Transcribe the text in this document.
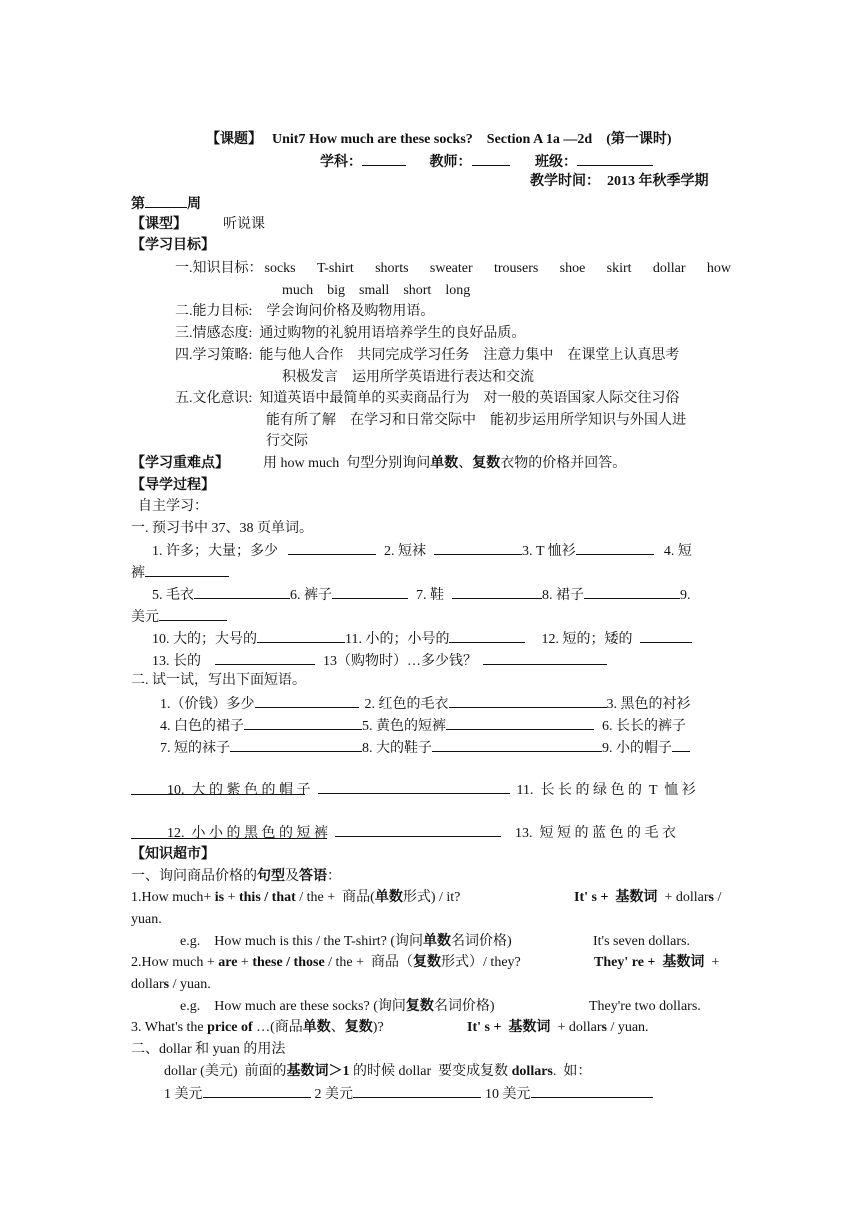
【课题】 Unit7 How much are these socks?    Section A 1a —2d    (第一课时)
学科：	教师：	班级：
教学时间：  2013 年秋季学期
第	周
【课型】	听说课
【学习目标】
一.知识目标： socks T-shirt shorts sweater trousers shoe skirt dollar how
much    big    small    short    long
二.能力目标:    学会询问价格及购物用语。
三.情感态度:  通过购物的礼貌用语培养学生的良好品质。
四.学习策略:  能与他人合作    共同完成学习任务    注意力集中    在课堂上认真思考
积极发言    运用所学英语进行表达和交流
五.文化意识:  知道英语中最简单的买卖商品行为    对一般的英语国家人际交往习俗
能有所了解    在学习和日常交际中    能初步运用所学知识与外国人进
行交际
【学习重难点】 用 how much  句型分别询问单数、复数衣物的价格并回答。
【导学过程】
自主学习：
一. 预习书中 37、38 页单词。
1. 许多；大量；多少	2. 短袜	3. T 恤衫	4. 短
裤
5. 毛衣	6. 裤子	7. 鞋	8. 裙子	9.
美元
10. 大的；大号的	11. 小的；小号的	12. 短的；矮的
13. 长的	13（购物时）…多少钱？
二. 试一试，写出下面短语。
1.（价钱）多少	2. 红色的毛衣	3. 黑色的衬衫
4. 白色的裙子	5. 黄色的短裤	6. 长长的裤子
7. 短的袜子	8. 大的鞋子	9. 小的帽子

10.  大 的 紫 色 的 帽 子	11.  长 长 的 绿 色 的  T  恤 衫

12.  小 小 的 黑 色 的 短 裤	13.  短 短 的 蓝 色 的 毛 衣

【知识超市】
一、询问商品价格的句型及答语：
1.How much+ is + this / that / the +  商品(单数形式) / it?	It' s +  基数词  + dollars /
yuan.
e.g.    How much is this / the T-shirt? (询问单数名词价格)	It's seven dollars.
2.How much + are + these / those / the +  商品（复数形式）/ they?	They' re +  基数词  +
dollars / yuan.
e.g.    How much are these socks? (询问复数名词价格)	They're two dollars.
3. What's the price of …(商品单数、复数)?	It' s +  基数词  + dollars / yuan.
二、dollar 和 yuan 的用法
dollar (美元)  前面的基数词＞1 的时候 dollar  要变成复数 dollars.  如：
1 美元	2 美元	10 美元
